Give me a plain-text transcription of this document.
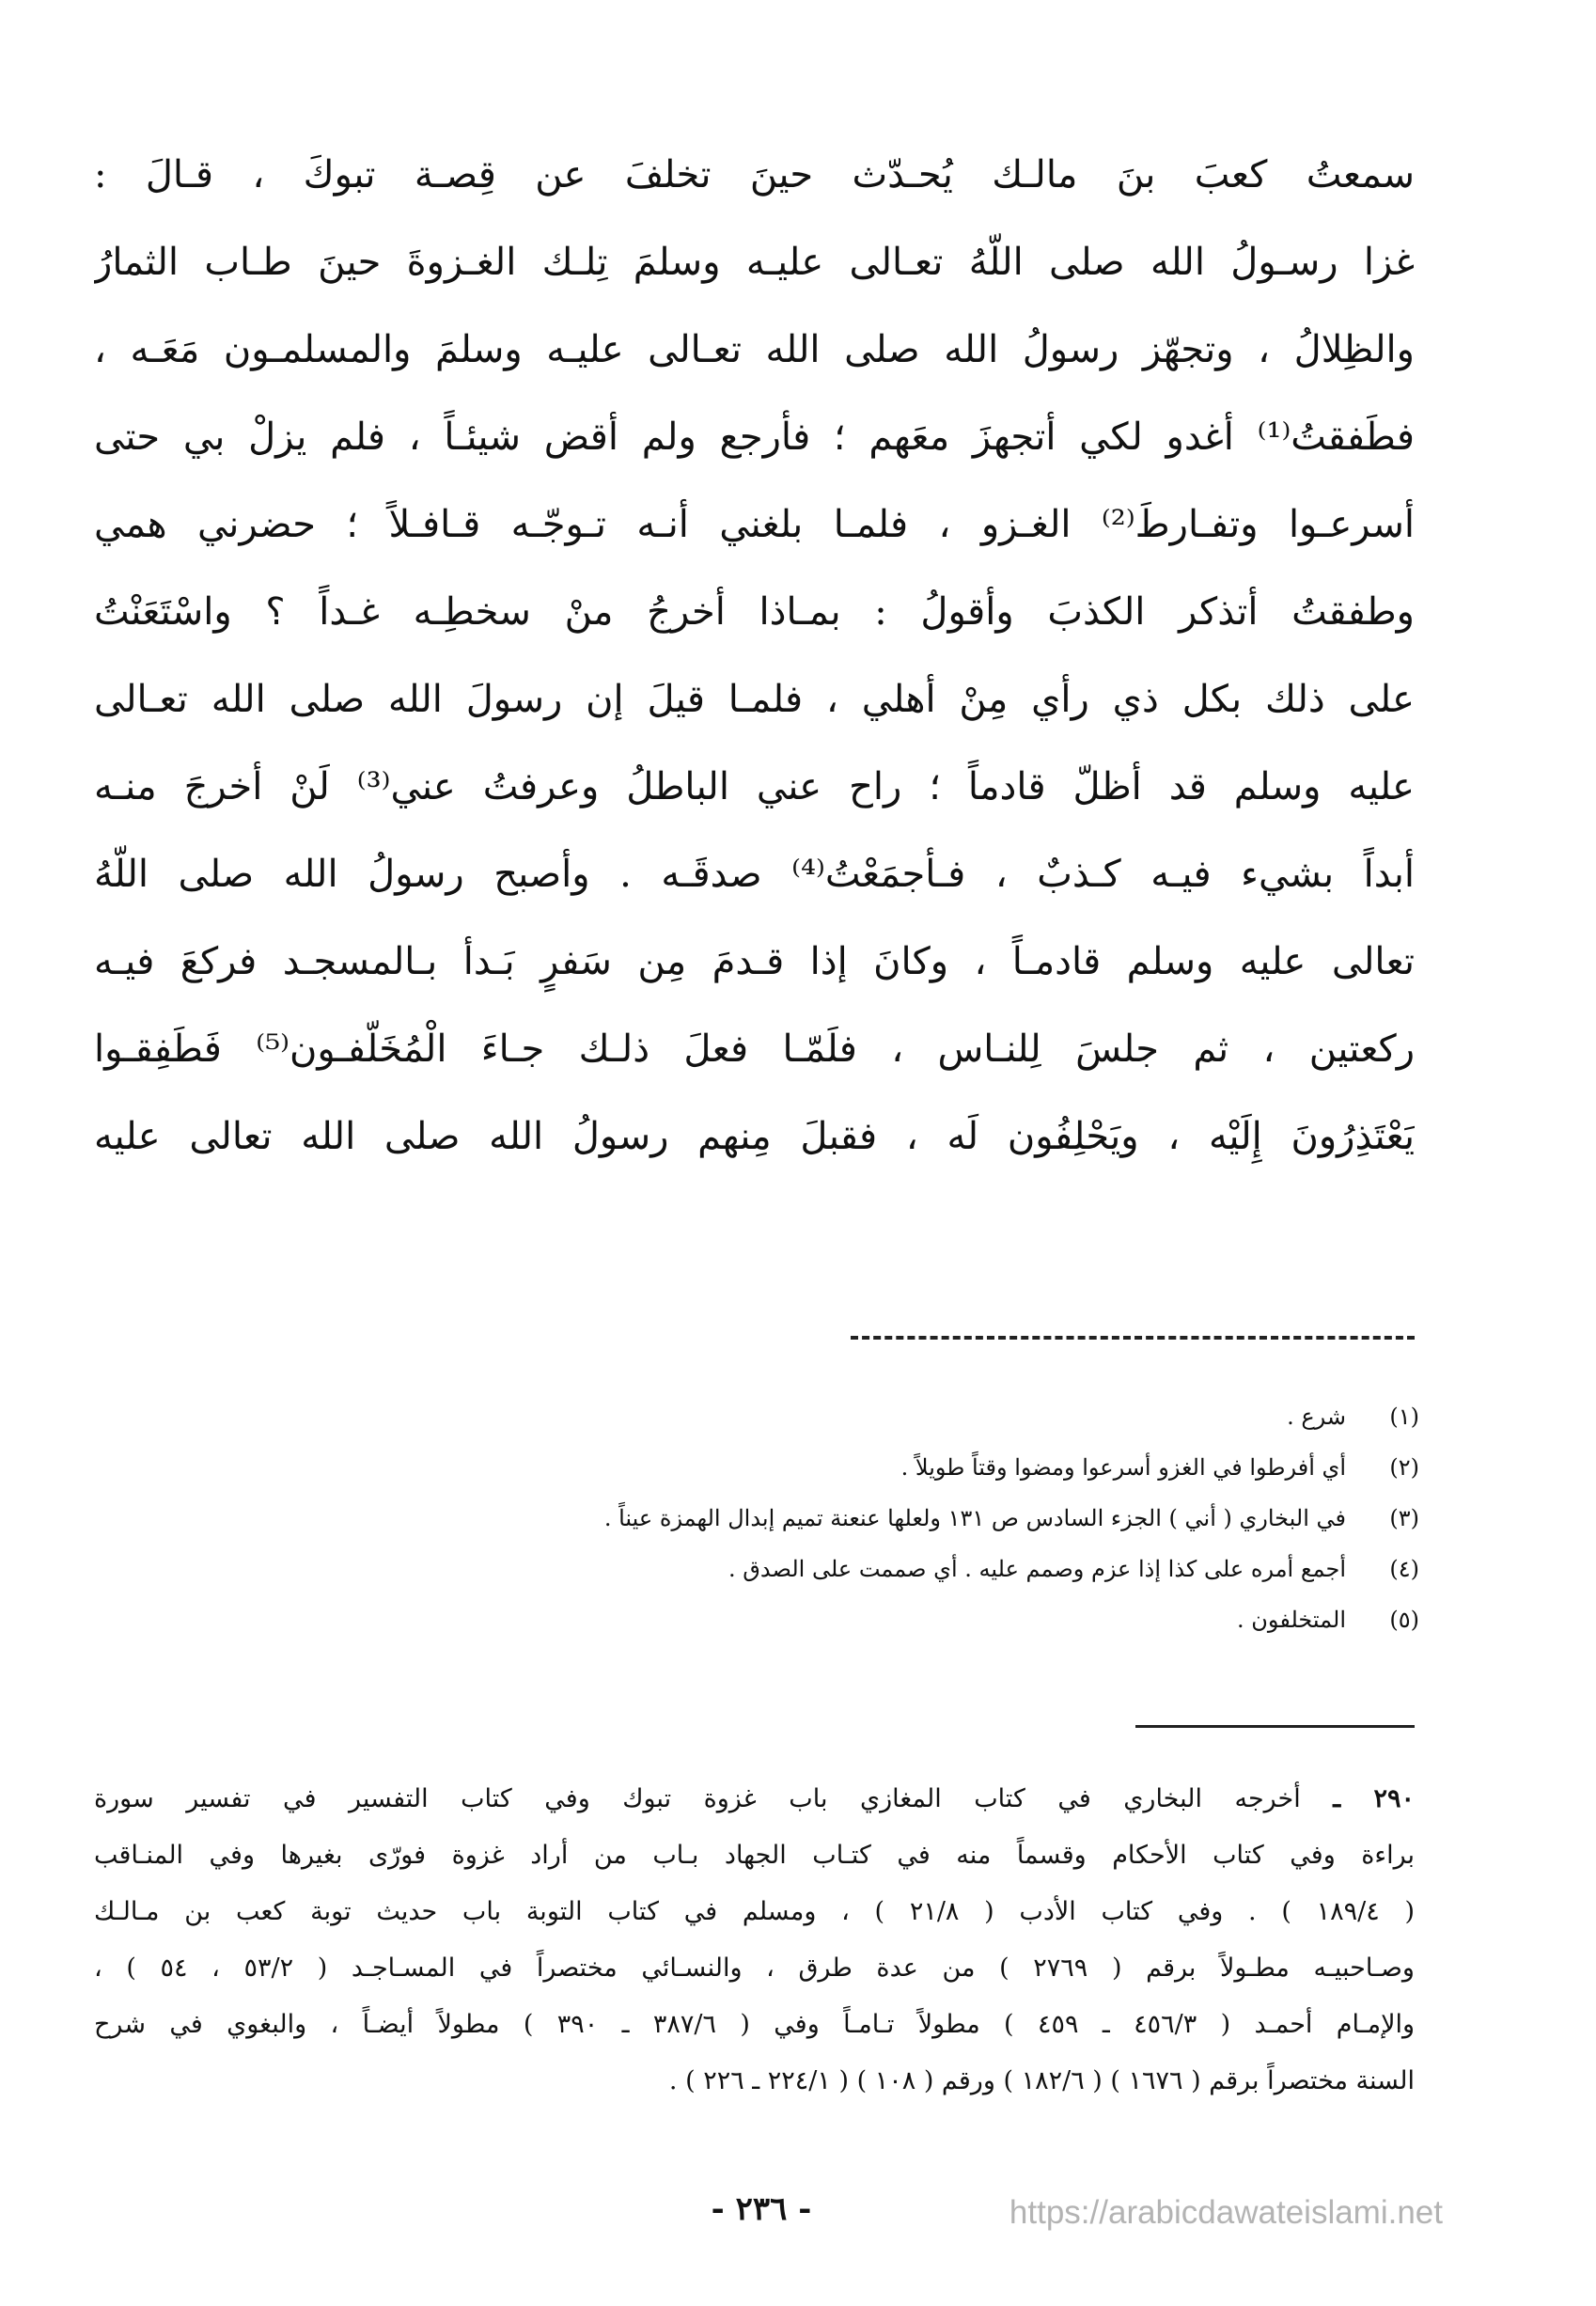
سمعتُ كعبَ بنَ مالـك يُحـدّث حينَ تخلفَ عن قِصـة تبوكَ ، قـالَ :
غزا رسـولُ الله صلى اللّهُ تعـالى عليـه وسلمَ تِلـك الغـزوةَ حينَ طـاب الثمارُ
والظِلالُ ، وتجهّز رسولُ الله صلى الله تعـالى عليـه وسلمَ والمسلمـون مَعَـه ،
فطَفقتُ⁽¹⁾ أغدو لكي أتجهزَ معَهم ؛ فأرجع ولم أقض شيئـاً ، فلم يزلْ بي حتى
أسرعـوا وتفـارطَ⁽²⁾ الغـزو ، فلمـا بلغني أنـه تـوجّـه قـافـلاً ؛ حضرني همي
وطفقتُ أتذكر الكذبَ وأقولُ : بمـاذا أخرجُ منْ سخطِـه غـداً ؟ واسْتَعَنْتُ
على ذلك بكل ذي رأي مِنْ أهلي ، فلمـا قيلَ إن رسولَ الله صلى الله تعـالى
عليه وسلم قد أظلّ قادماً ؛ راح عني الباطلُ وعرفتُ عني⁽³⁾ لَنْ أخرجَ منـه
أبداً بشيء فيـه كـذبٌ ، فـأجمَعْتُ⁽⁴⁾ صدقَـه . وأصبح رسولُ الله صلى اللّهُ
تعالى عليه وسلم قادمـاً ، وكانَ إذا قـدمَ مِن سَفرٍ بَـدأ بـالمسجـد فركعَ فيـه
ركعتين ، ثم جلسَ لِلنـاس ، فلَمّـا فعلَ ذلـك جـاءَ الْمُخَلّفـون⁽⁵⁾ فَطَفِقـوا
يَعْتَذِرُونَ إِلَيْه ، ويَحْلِفُون لَه ، فقبلَ مِنهم رسولُ الله صلى الله تعالى عليه
(١)
شرع .
(٢)
أي أفرطوا في الغزو أسرعوا ومضوا وقتاً طويلاً .
(٣)
في البخاري ( أني ) الجزء السادس ص ١٣١ ولعلها عنعنة تميم إبدال الهمزة عيناً .
(٤)
أجمع أمره على كذا إذا عزم وصمم عليه . أي صممت على الصدق .
(٥)
المتخلفون .
٢٩٠ ـ أخرجه البخاري في كتاب المغازي باب غزوة تبوك وفي كتاب التفسير في تفسير سورة
براءة وفي كتاب الأحكام وقسماً منه في كتـاب الجهاد بـاب من أراد غزوة فورّى بغيرها وفي المنـاقب
( ١٨٩/٤ ) . وفي كتاب الأدب ( ٢١/٨ ) ، ومسلم في كتاب التوبة باب حديث توبة كعب بن مـالـك
وصـاحبيـه مطـولاً برقم ( ٢٧٦٩ ) من عدة طرق ، والنسـائي مختصراً في المسـاجـد ( ٥٣/٢ ، ٥٤ ) ،
والإمـام أحمـد ( ٤٥٦/٣ ـ ٤٥٩ ) مطولاً تـامـاً وفي ( ٣٨٧/٦ ـ ٣٩٠ ) مطولاً أيضـاً ، والبغوي في شرح
السنة مختصراً برقم ( ١٦٧٦ ) ( ١٨٢/٦ ) ورقم ( ١٠٨ ) ( ٢٢٤/١ ـ ٢٢٦ ) .
- ٢٣٦ -	https://arabicdawateislami.net
